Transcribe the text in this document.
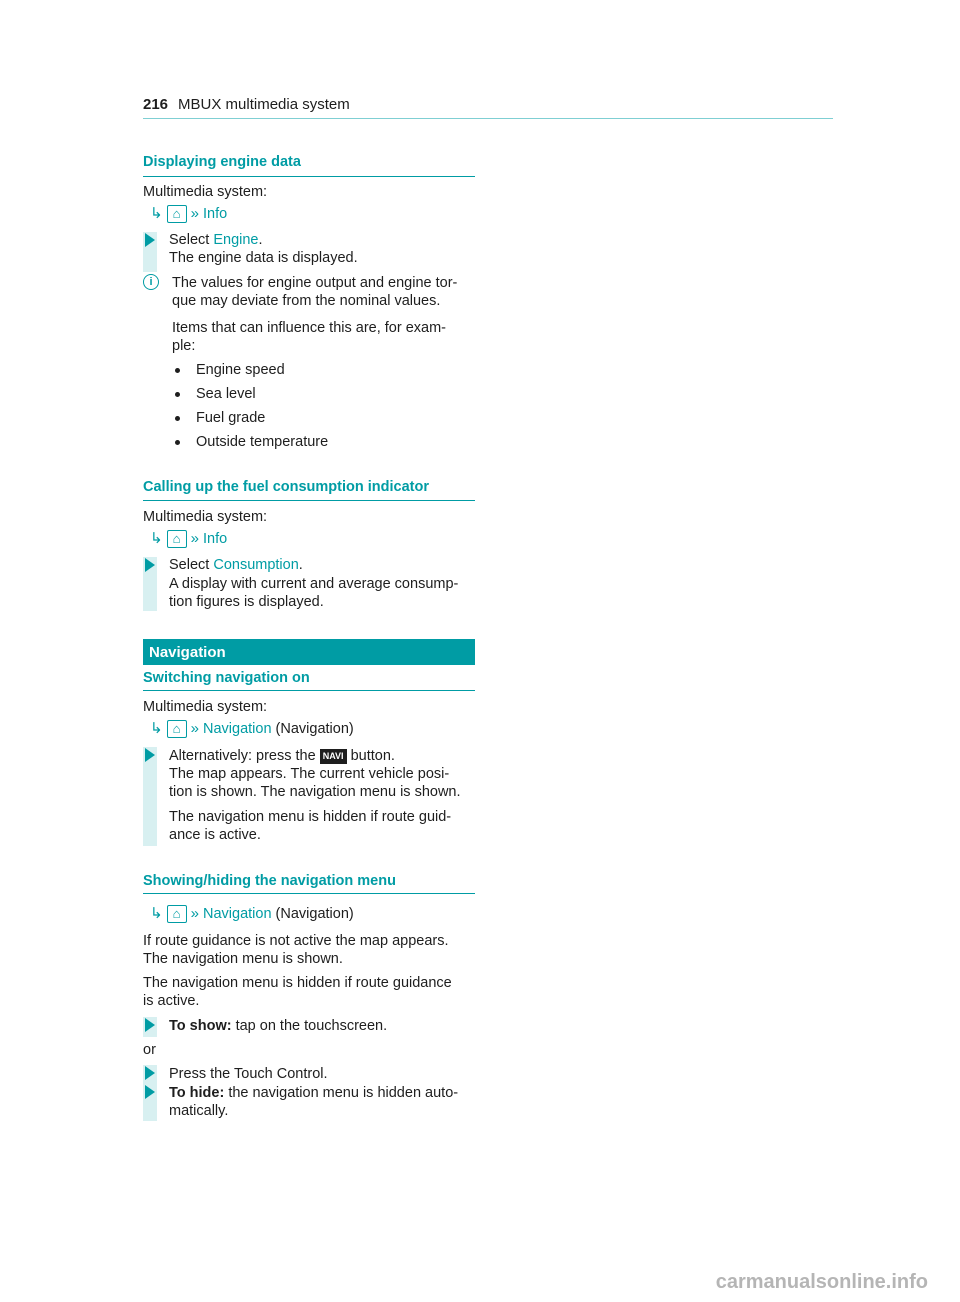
216 MBUX multimedia system
Displaying engine data
Multimedia system:
↳ ⌂ » Info
Select Engine.
The engine data is displayed.
i	The values for engine output and engine tor-
que may deviate from the nominal values.
Items that can influence this are, for exam-
ple:
Engine speed
Sea level
Fuel grade
Outside temperature
Calling up the fuel consumption indicator
Multimedia system:
↳ ⌂ » Info
Select Consumption.
A display with current and average consump-
tion figures is displayed.
Navigation
Switching navigation on
Multimedia system:
↳ ⌂ » Navigation (Navigation)
Alternatively: press the NAVI button.
The map appears. The current vehicle posi-
tion is shown. The navigation menu is shown.
The navigation menu is hidden if route guid-
ance is active.
Showing/hiding the navigation menu
↳ ⌂ » Navigation (Navigation)
If route guidance is not active the map appears.
The navigation menu is shown.
The navigation menu is hidden if route guidance
is active.
To show: tap on the touchscreen.
or
Press the Touch Control.
To hide: the navigation menu is hidden auto-
matically.
carmanualsonline.info
